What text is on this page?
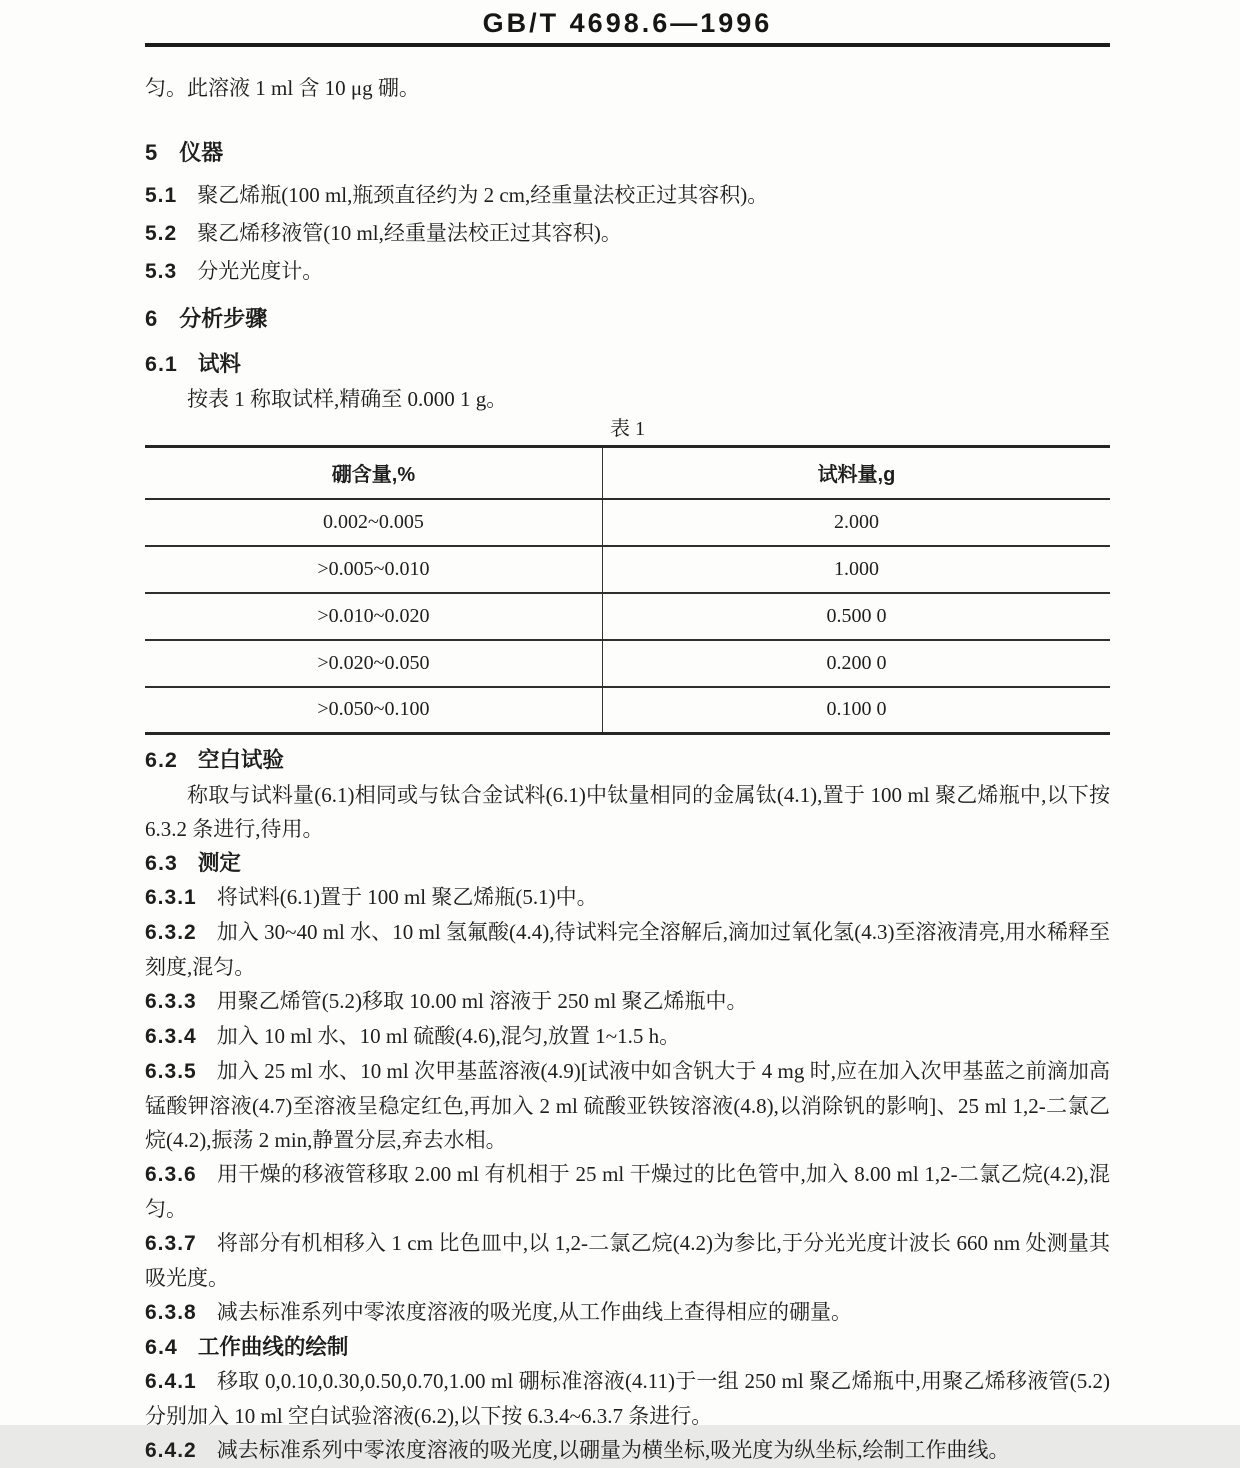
GB/T 4698.6—1996

匀。此溶液 1 ml 含 10 μg 硼。

5 仪器

5.1 聚乙烯瓶(100 ml,瓶颈直径约为 2 cm,经重量法校正过其容积)。

5.2 聚乙烯移液管(10 ml,经重量法校正过其容积)。

5.3 分光光度计。

6 分析步骤
6.1 试料

按表 1 称取试样,精确至 0.000 1 g。

表 1

硼含量,%	试料量,g
0.002~0.005	2.000
>0.005~0.010	1.000
>0.010~0.020	0.500 0
>0.020~0.050	0.200 0
>0.050~0.100	0.100 0
6.2 空白试验

称取与试料量(6.1)相同或与钛合金试料(6.1)中钛量相同的金属钛(4.1),置于 100 ml 聚乙烯瓶中,以下按 6.3.2 条进行,待用。

6.3 测定

6.3.1 将试料(6.1)置于 100 ml 聚乙烯瓶(5.1)中。

6.3.2 加入 30~40 ml 水、10 ml 氢氟酸(4.4),待试料完全溶解后,滴加过氧化氢(4.3)至溶液清亮,用水稀释至刻度,混匀。

6.3.3 用聚乙烯管(5.2)移取 10.00 ml 溶液于 250 ml 聚乙烯瓶中。

6.3.4 加入 10 ml 水、10 ml 硫酸(4.6),混匀,放置 1~1.5 h。

6.3.5 加入 25 ml 水、10 ml 次甲基蓝溶液(4.9)[试液中如含钒大于 4 mg 时,应在加入次甲基蓝之前滴加高锰酸钾溶液(4.7)至溶液呈稳定红色,再加入 2 ml 硫酸亚铁铵溶液(4.8),以消除钒的影响]、25 ml 1,2-二氯乙烷(4.2),振荡 2 min,静置分层,弃去水相。

6.3.6 用干燥的移液管移取 2.00 ml 有机相于 25 ml 干燥过的比色管中,加入 8.00 ml 1,2-二氯乙烷(4.2),混匀。

6.3.7 将部分有机相移入 1 cm 比色皿中,以 1,2-二氯乙烷(4.2)为参比,于分光光度计波长 660 nm 处测量其吸光度。

6.3.8 减去标准系列中零浓度溶液的吸光度,从工作曲线上查得相应的硼量。

6.4 工作曲线的绘制

6.4.1 移取 0,0.10,0.30,0.50,0.70,1.00 ml 硼标准溶液(4.11)于一组 250 ml 聚乙烯瓶中,用聚乙烯移液管(5.2)分别加入 10 ml 空白试验溶液(6.2),以下按 6.3.4~6.3.7 条进行。

6.4.2 减去标准系列中零浓度溶液的吸光度,以硼量为横坐标,吸光度为纵坐标,绘制工作曲线。
